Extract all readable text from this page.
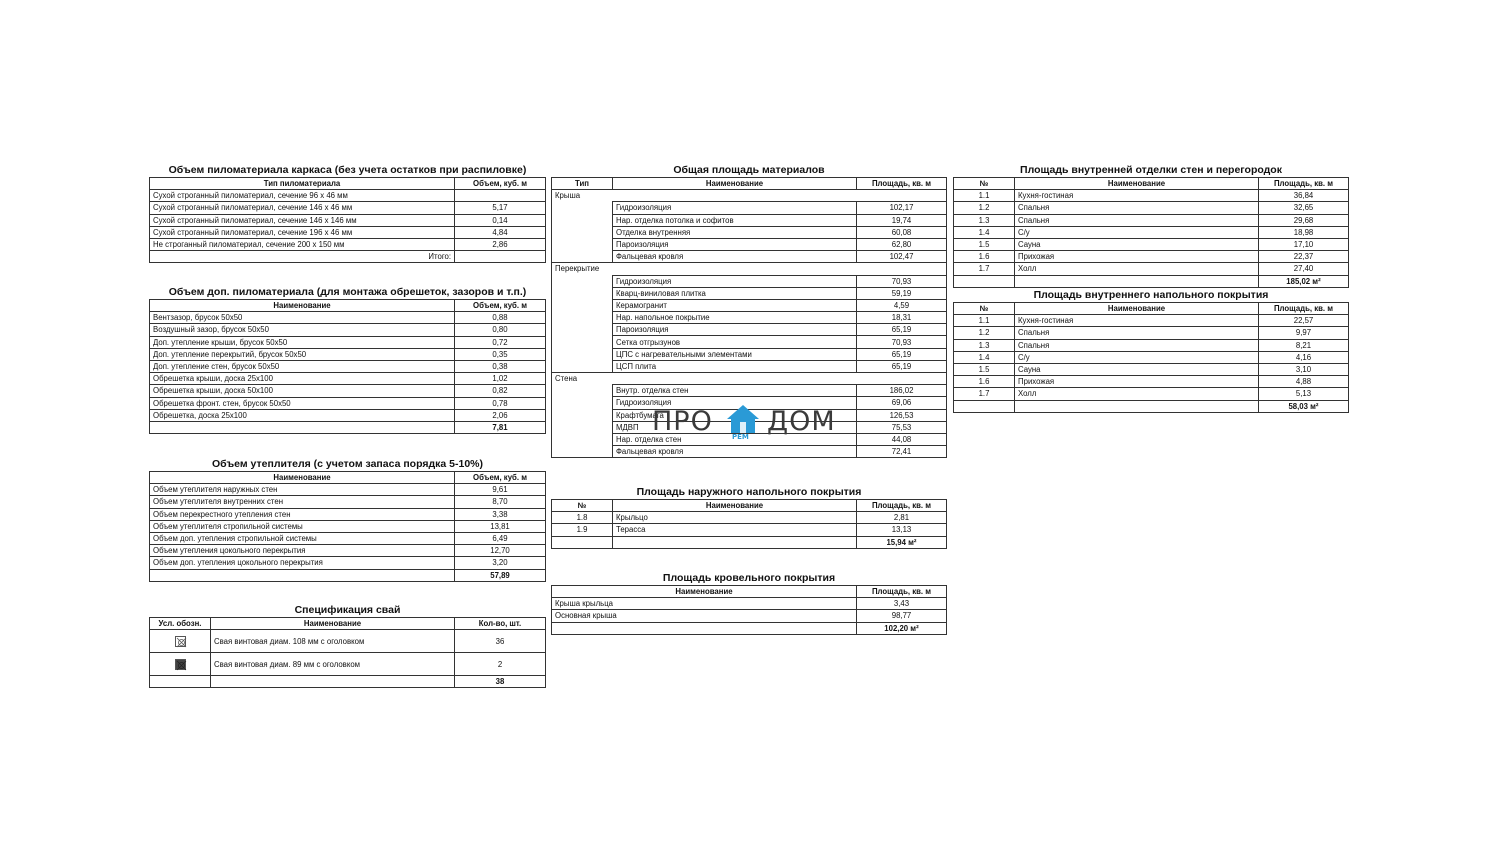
Объем пиломатериала каркаса (без учета остатков при распиловке)
Тип пиломатериала	Объем, куб. м
Сухой строганный пиломатериал, сечение 96 х 46 мм	
Сухой строганный пиломатериал, сечение 146 х 46 мм	5,17
Сухой строганный пиломатериал, сечение 146 х 146 мм	0,14
Сухой строганный пиломатериал, сечение 196 х 46 мм	4,84
Не строганный пиломатериал, сечение 200 х 150 мм	2,86
Итого:	
Объем доп. пиломатериала (для монтажа обрешеток, зазоров и т.п.)
Наименование	Объем, куб. м
Вентзазор, брусок 50х50	0,88
Воздушный зазор, брусок 50х50	0,80
Доп. утепление крыши, брусок 50х50	0,72
Доп. утепление перекрытий, брусок 50х50	0,35
Доп. утепление стен, брусок 50х50	0,38
Обрешетка крыши, доска 25х100	1,02
Обрешетка крыши, доска 50х100	0,82
Обрешетка фронт. стен, брусок 50х50	0,78
Обрешетка, доска 25х100	2,06
	7,81
Объем утеплителя (с учетом запаса порядка 5-10%)
Наименование	Объем, куб. м
Объем утеплителя наружных стен	9,61
Объем утеплителя внутренних стен	8,70
Объем перекрестного утепления стен	3,38
Объем утеплителя стропильной системы	13,81
Объем доп. утепления стропильной системы	6,49
Объем утепления цокольного перекрытия	12,70
Объем доп. утепления цокольного перекрытия	3,20
	57,89
Спецификация свай
Усл. обозн.	Наименование	Кол-во, шт.

	Свая винтовая диам. 108 мм с оголовком	36

	Свая винтовая диам. 89 мм с оголовком	2
		38
Общая площадь материалов
Тип	Наименование	Площадь, кв. м
Крыша		
	Гидроизоляция	102,17
	Нар. отделка потолка и софитов	19,74
	Отделка внутренняя	60,08
	Пароизоляция	62,80
	Фальцевая кровля	102,47
Перекрытие		
	Гидроизоляция	70,93
	Кварц-виниловая плитка	59,19
	Керамогранит	4,59
	Нар. напольное покрытие	18,31
	Пароизоляция	65,19
	Сетка отгрызунов	70,93
	ЦПС с нагревательными элементами	65,19
	ЦСП плита	65,19
Стена		
	Внутр. отделка стен	186,02
	Гидроизоляция	69,06
	Крафтбумага	126,53
	МДВП	75,53
	Нар. отделка стен	44,08
	Фальцевая кровля	72,41
Площадь наружного напольного покрытия
№	Наименование	Площадь, кв. м
1.8	Крыльцо	2,81
1.9	Терасса	13,13
		15,94 м²
Площадь кровельного покрытия
Наименование	Площадь, кв. м
Крыша крыльца	3,43
Основная крыша	98,77
	102,20 м²
Площадь внутренней отделки стен и перегородок
№	Наименование	Площадь, кв. м
1.1	Кухня-гостиная	36,84
1.2	Спальня	32,65
1.3	Спальня	29,68
1.4	С/у	18,98
1.5	Сауна	17,10
1.6	Прихожая	22,37
1.7	Холл	27,40
		185,02 м²
Площадь внутреннего напольного покрытия
№	Наименование	Площадь, кв. м
1.1	Кухня-гостиная	22,57
1.2	Спальня	9,97
1.3	Спальня	8,21
1.4	С/у	4,16
1.5	Сауна	3,10
1.6	Прихожая	4,88
1.7	Холл	5,13
		58,03 м²
ПРО	РЕМ ДОМ
